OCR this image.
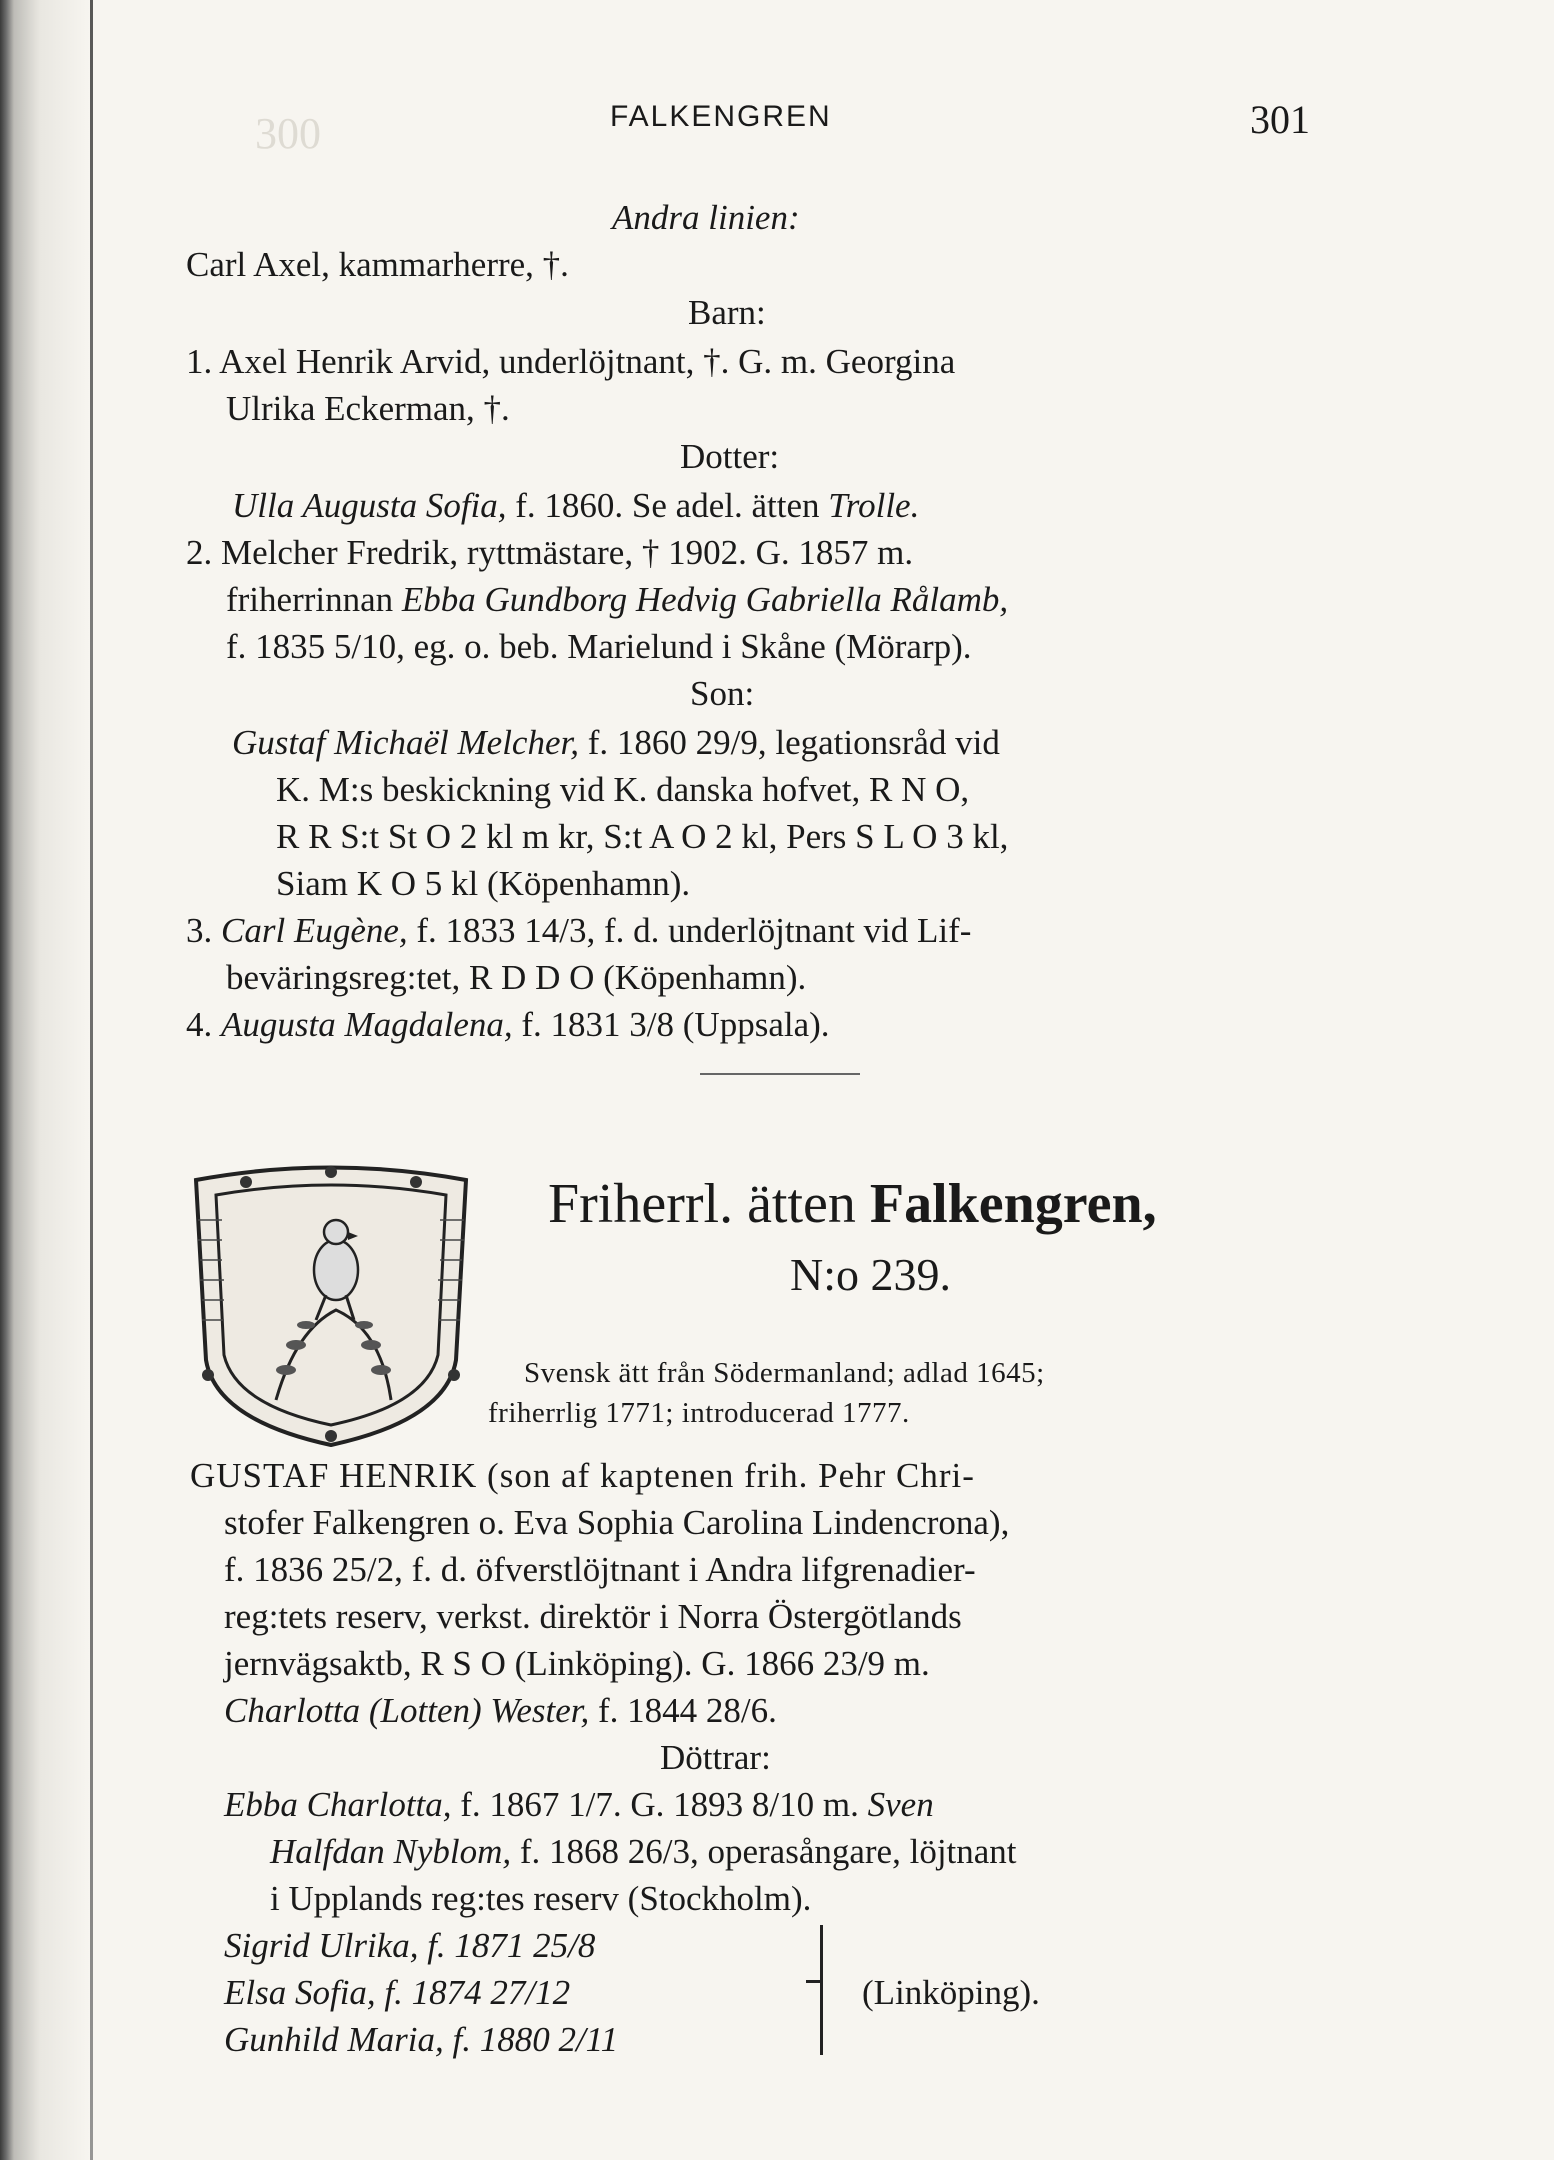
300	FALKENGREN	301
Andra linien:
Carl Axel, kammarherre, †.
Barn:
1. Axel Henrik Arvid, underlöjtnant, †. G. m. Georgina
Ulrika Eckerman, †.
Dotter:
Ulla Augusta Sofia, f. 1860. Se adel. ätten Trolle.
2. Melcher Fredrik, ryttmästare, † 1902. G. 1857 m.
friherrinnan Ebba Gundborg Hedvig Gabriella Rålamb,
f. 1835 5/10, eg. o. beb. Marielund i Skåne (Mörarp).
Son:
Gustaf Michaël Melcher, f. 1860 29/9, legationsråd vid
K. M:s beskickning vid K. danska hofvet, R N O,
R R S:t St O 2 kl m kr, S:t A O 2 kl, Pers S L O 3 kl,
Siam K O 5 kl (Köpenhamn).
3. Carl Eugène, f. 1833 14/3, f. d. underlöjtnant vid Lif-
beväringsreg:tet, R D D O (Köpenhamn).
4. Augusta Magdalena, f. 1831 3/8 (Uppsala).
Friherrl. ätten Falkengren,
N:o 239.
Svensk ätt från Södermanland; adlad 1645;
friherrlig 1771; introducerad 1777.
GUSTAF HENRIK (son af kaptenen frih. Pehr Chri-
stofer Falkengren o. Eva Sophia Carolina Lindencrona),
f. 1836 25/2, f. d. öfverstlöjtnant i Andra lifgrenadier-
reg:tets reserv, verkst. direktör i Norra Östergötlands
jernvägsaktb, R S O (Linköping). G. 1866 23/9 m.
Charlotta (Lotten) Wester, f. 1844 28/6.
Döttrar:
Ebba Charlotta, f. 1867 1/7. G. 1893 8/10 m. Sven
Halfdan Nyblom, f. 1868 26/3, operasångare, löjtnant
i Upplands reg:tes reserv (Stockholm).
Sigrid Ulrika, f. 1871 25/8
Elsa Sofia, f. 1874 27/12
Gunhild Maria, f. 1880 2/11
(Linköping).
